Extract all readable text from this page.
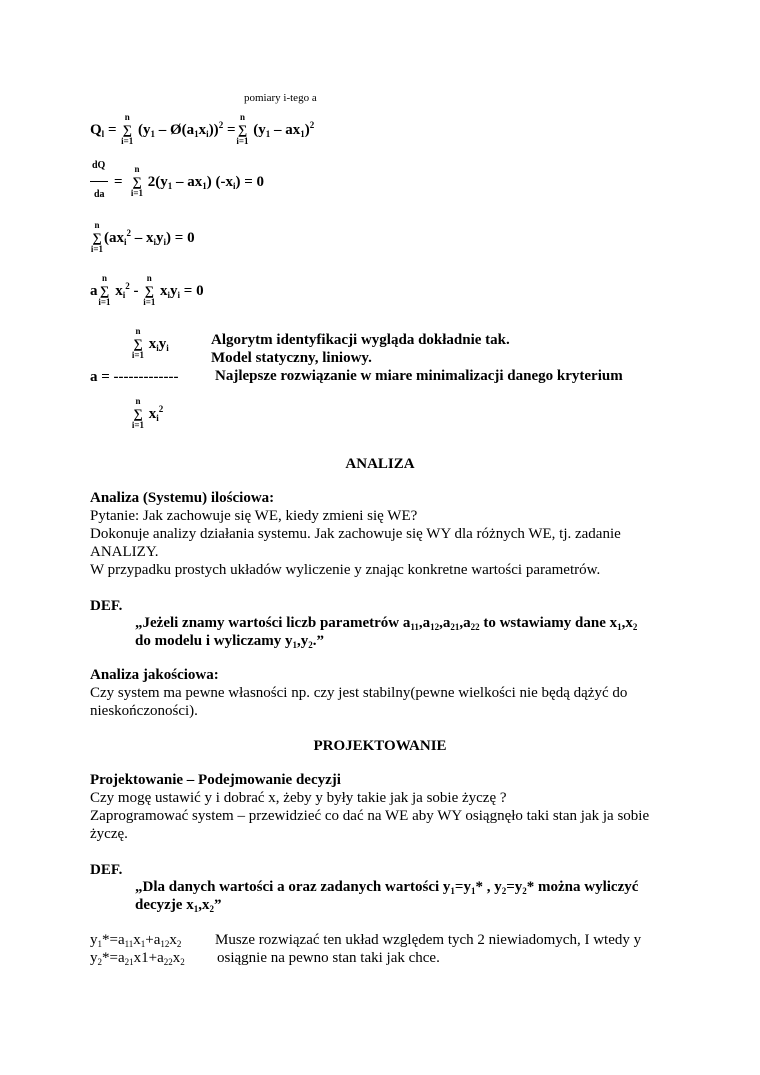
pomiary i-tego a
$Q_l$ = ∑
n
i=1
($y_1$ – $Ø(a_1x_i))^2$ = ∑
n
i=1
$(y_1 - ax_1)^2$
dQ
da
= ∑
n
i=1
$2(y_1 - ax_1) (-x_i) = 0$
∑
n
i=1
$(ax_i^2 - x_iy_i) = 0$
a ∑
n
i=1
$x_i^2$ - ∑
n
i=1
$x_iy_i = 0$
∑
n
i=1
$x_iy_i$
a = -------------
∑
n
i=1
$x_i^2$
Algorytm identyfikacji wygląda dokładnie tak.
Model statyczny, liniowy.
Najlepsze rozwiązanie w miare minimalizacji danego kryterium
ANALIZA
Analiza (Systemu) ilościowa:
Pytanie: Jak zachowuje się WE, kiedy zmieni się WE?
Dokonuje analizy działania systemu. Jak zachowuje się WY dla różnych WE, tj. zadanie
ANALIZY.
W przypadku prostych układów wyliczenie y znając konkretne wartości parametrów.
DEF.
„Jeżeli znamy wartości liczb parametrów $a_{11},a_{12},a_{21},a_{22}$ to wstawiamy dane $x_1,x_2$
do modelu i wyliczamy $y_1,y_2$.”
Analiza jakościowa:
Czy system ma pewne własności np. czy jest stabilny(pewne wielkości nie będą dążyć do
nieskończoności).
PROJEKTOWANIE
Projektowanie – Podejmowanie decyzji
Czy mogę ustawić y i dobrać x, żeby y były takie jak ja sobie życzę ?
Zaprogramować system – przewidzieć co dać na WE aby WY osiągnęło taki stan jak ja sobie
życzę.
DEF.
„Dla danych wartości a oraz zadanych wartości $y_1=y_1*$ , $y_2=y_2*$ można wyliczyć
decyzje $x_1,x_2$”
$y_1*=a_{11}x_1+a_{12}x_2$
$y_2*=a_{21}x1+a_{22}x_2$
Musze rozwiązać ten układ względem tych 2 niewiadomych, I wtedy y
osiągnie na pewno stan taki jak chce.
